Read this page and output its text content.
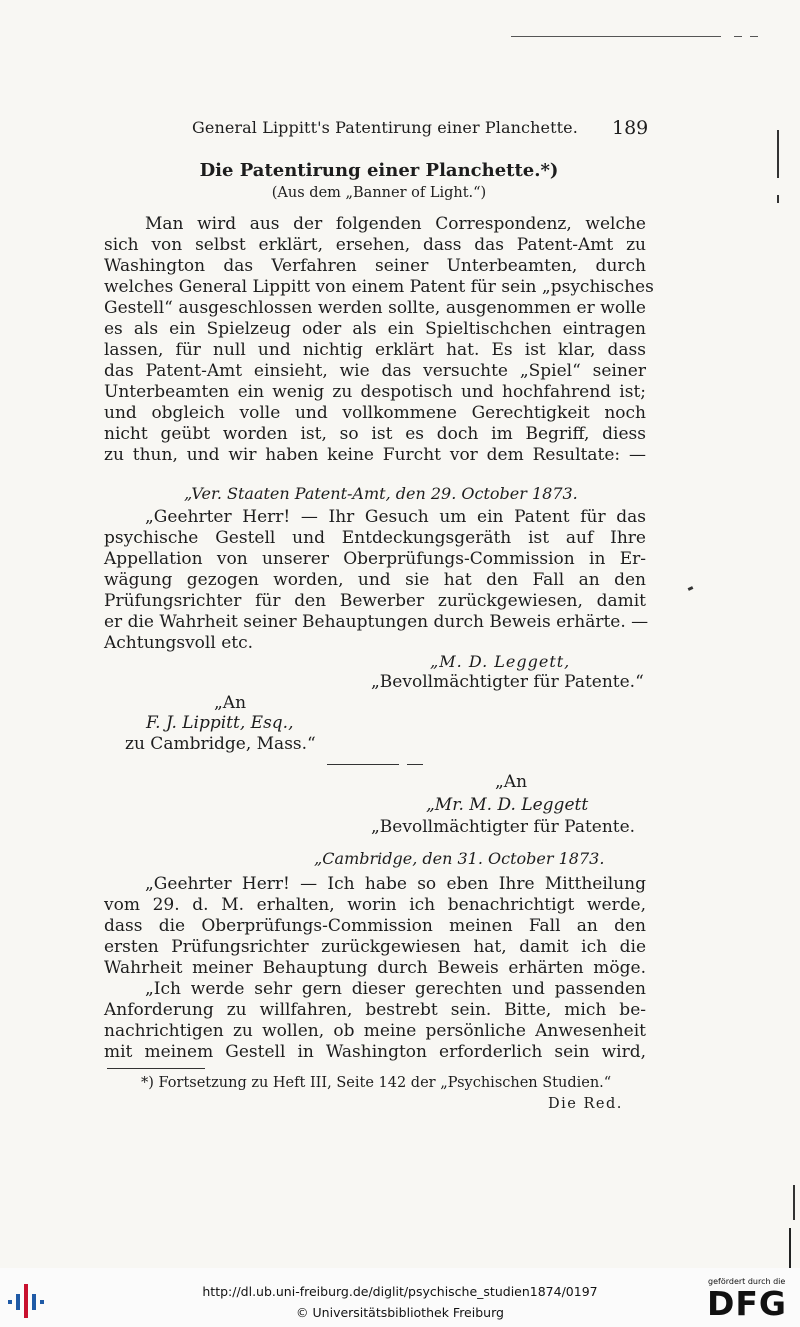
General Lippitt's Patentirung einer Planchette. 189
Die Patentirung einer Planchette.*)
(Aus dem „Banner of Light.“)
Man wird aus der folgenden Correspondenz, welche
sich von selbst erklärt, ersehen, dass das Patent-Amt zu
Washington das Verfahren seiner Unterbeamten, durch
welches General Lippitt von einem Patent für sein „psychisches
Gestell“ ausgeschlossen werden sollte, ausgenommen er wolle
es als ein Spielzeug oder als ein Spieltischchen eintragen
lassen, für null und nichtig erklärt hat. Es ist klar, dass
das Patent-Amt einsieht, wie das versuchte „Spiel“ seiner
Unterbeamten ein wenig zu despotisch und hochfahrend ist;
und obgleich volle und vollkommene Gerechtigkeit noch
nicht geübt worden ist, so ist es doch im Begriff, diess
zu thun, und wir haben keine Furcht vor dem Resultate: —
„Ver. Staaten Patent-Amt, den 29. October 1873.
„Geehrter Herr! — Ihr Gesuch um ein Patent für das
psychische Gestell und Entdeckungsgeräth ist auf Ihre
Appellation von unserer Oberprüfungs-Commission in Er-
wägung gezogen worden, und sie hat den Fall an den
Prüfungsrichter für den Bewerber zurückgewiesen, damit
er die Wahrheit seiner Behauptungen durch Beweis erhärte. —
Achtungsvoll etc.
„M. D. Leggett,
„Bevollmächtigter für Patente.“
„An
F. J. Lippitt, Esq.,
zu Cambridge, Mass.“
„An
„Mr. M. D. Leggett
„Bevollmächtigter für Patente.
„Cambridge, den 31. October 1873.
„Geehrter Herr! — Ich habe so eben Ihre Mittheilung
vom 29. d. M. erhalten, worin ich benachrichtigt werde,
dass die Oberprüfungs-Commission meinen Fall an den
ersten Prüfungsrichter zurückgewiesen hat, damit ich die
Wahrheit meiner Behauptung durch Beweis erhärten möge.
„Ich werde sehr gern dieser gerechten und passenden
Anforderung zu willfahren, bestrebt sein. Bitte, mich be-
nachrichtigen zu wollen, ob meine persönliche Anwesenheit
mit meinem Gestell in Washington erforderlich sein wird,
*) Fortsetzung zu Heft III, Seite 142 der „Psychischen Studien.“
Die Red.
http://dl.ub.uni-freiburg.de/diglit/psychische_studien1874/0197
© Universitätsbibliothek Freiburg
gefördert durch die
DFG
